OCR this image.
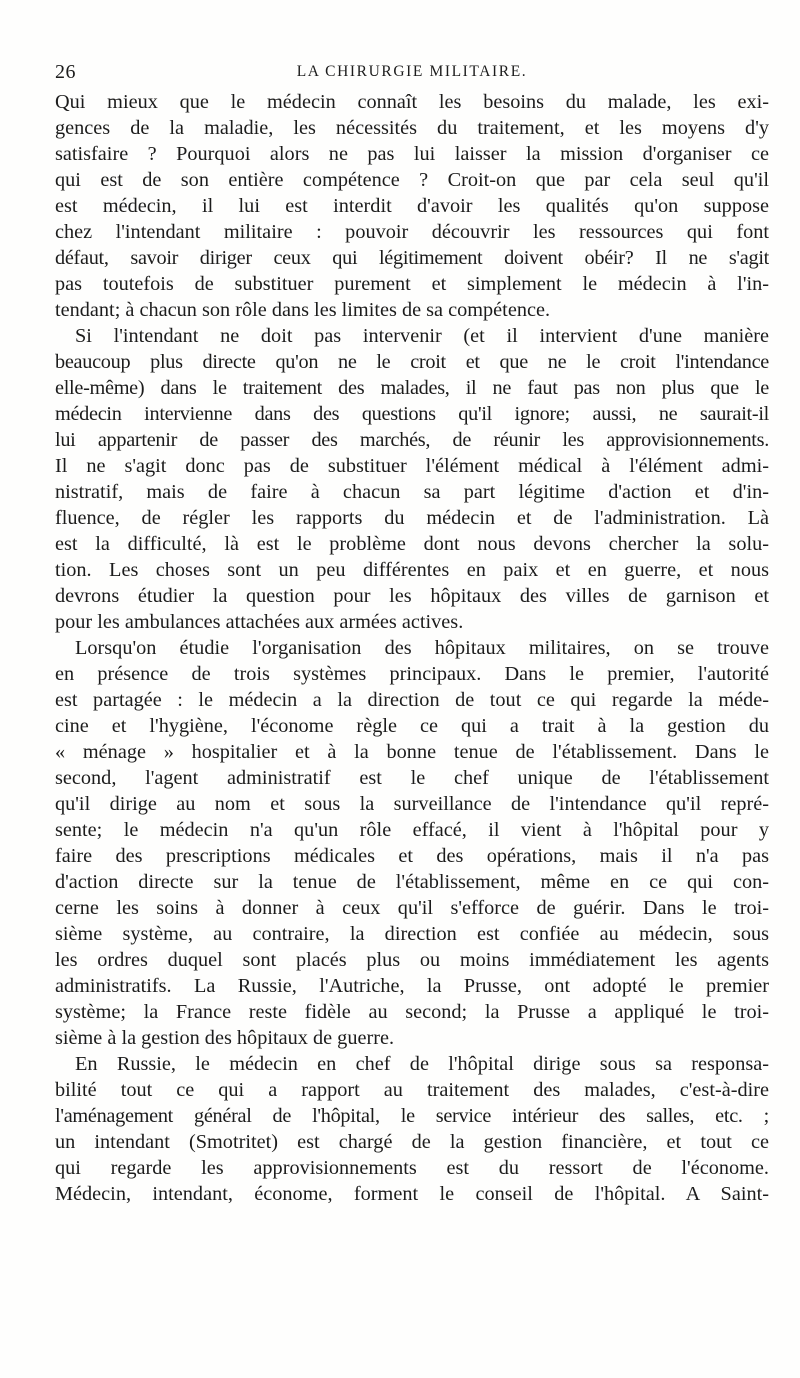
26	LA CHIRURGIE MILITAIRE.
Qui mieux que le médecin connaît les besoins du malade, les exi-
gences de la maladie, les nécessités du traitement, et les moyens d'y
satisfaire ? Pourquoi alors ne pas lui laisser la mission d'organiser ce
qui est de son entière compétence ? Croit-on que par cela seul qu'il
est médecin, il lui est interdit d'avoir les qualités qu'on suppose
chez l'intendant militaire : pouvoir découvrir les ressources qui font
défaut, savoir diriger ceux qui légitimement doivent obéir? Il ne s'agit
pas toutefois de substituer purement et simplement le médecin à l'in-
tendant; à chacun son rôle dans les limites de sa compétence.
Si l'intendant ne doit pas intervenir (et il intervient d'une manière
beaucoup plus directe qu'on ne le croit et que ne le croit l'intendance
elle-même) dans le traitement des malades, il ne faut pas non plus que le
médecin intervienne dans des questions qu'il ignore; aussi, ne saurait-il
lui appartenir de passer des marchés, de réunir les approvisionnements.
Il ne s'agit donc pas de substituer l'élément médical à l'élément admi-
nistratif, mais de faire à chacun sa part légitime d'action et d'in-
fluence, de régler les rapports du médecin et de l'administration. Là
est la difficulté, là est le problème dont nous devons chercher la solu-
tion. Les choses sont un peu différentes en paix et en guerre, et nous
devrons étudier la question pour les hôpitaux des villes de garnison et
pour les ambulances attachées aux armées actives.
Lorsqu'on étudie l'organisation des hôpitaux militaires, on se trouve
en présence de trois systèmes principaux. Dans le premier, l'autorité
est partagée : le médecin a la direction de tout ce qui regarde la méde-
cine et l'hygiène, l'économe règle ce qui a trait à la gestion du
« ménage » hospitalier et à la bonne tenue de l'établissement. Dans le
second, l'agent administratif est le chef unique de l'établissement
qu'il dirige au nom et sous la surveillance de l'intendance qu'il repré-
sente; le médecin n'a qu'un rôle effacé, il vient à l'hôpital pour y
faire des prescriptions médicales et des opérations, mais il n'a pas
d'action directe sur la tenue de l'établissement, même en ce qui con-
cerne les soins à donner à ceux qu'il s'efforce de guérir. Dans le troi-
sième système, au contraire, la direction est confiée au médecin, sous
les ordres duquel sont placés plus ou moins immédiatement les agents
administratifs. La Russie, l'Autriche, la Prusse, ont adopté le premier
système; la France reste fidèle au second; la Prusse a appliqué le troi-
sième à la gestion des hôpitaux de guerre.
En Russie, le médecin en chef de l'hôpital dirige sous sa responsa-
bilité tout ce qui a rapport au traitement des malades, c'est-à-dire
l'aménagement général de l'hôpital, le service intérieur des salles, etc. ;
un intendant (Smotritet) est chargé de la gestion financière, et tout ce
qui regarde les approvisionnements est du ressort de l'économe.
Médecin, intendant, économe, forment le conseil de l'hôpital. A Saint-
